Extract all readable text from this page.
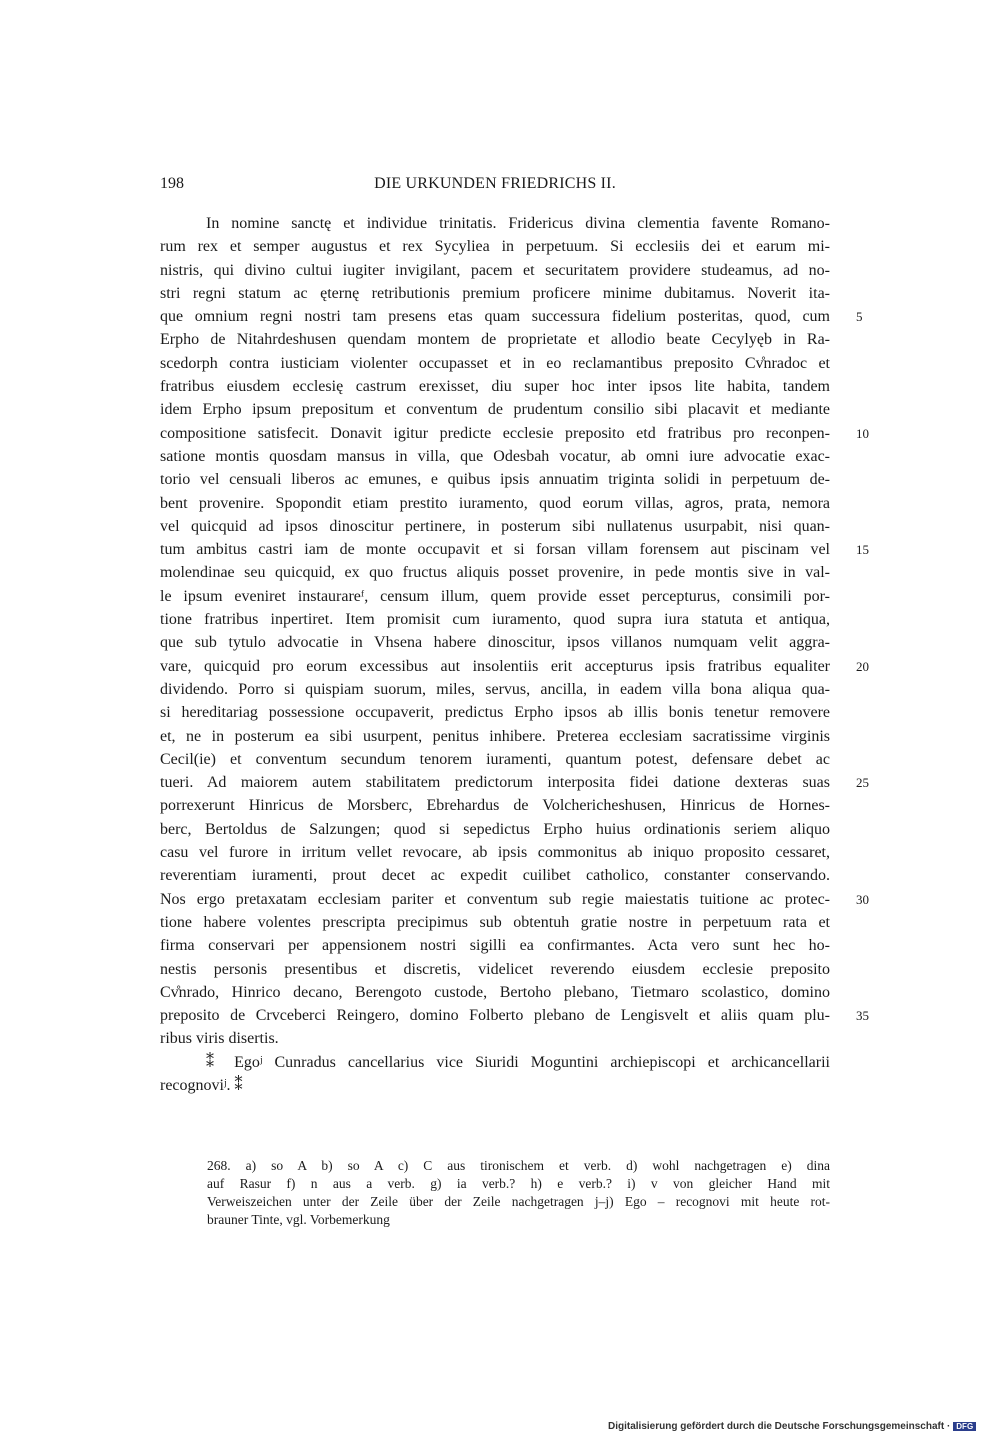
198	DIE URKUNDEN FRIEDRICHS II.
In nomine sanctę et individue trinitatis. Fridericus divina clementia favente Romano-
rum rex et semper augustus et rex Sycyliea in perpetuum. Si ecclesiis dei et earum mi-
nistris, qui divino cultui iugiter invigilant, pacem et securitatem providere studeamus, ad no-
stri regni statum ac ęternę retributionis premium proficere minime dubitamus. Noverit ita-
que omnium regni nostri tam presens etas quam successura fidelium posteritas, quod, cum 5
Erpho de Nitahrdeshusen quendam montem de proprietate et allodio beate Cecylyęb in Ra-
scedorph contra iusticiam violenter occupasset et in eo reclamantibus preposito Cv̊nradoc et
fratribus eiusdem ecclesię castrum erexisset, diu super hoc inter ipsos lite habita, tandem
idem Erpho ipsum prepositum et conventum de prudentum consilio sibi placavit et mediante
compositione satisfecit. Donavit igitur predicte ecclesie preposito etd fratribus pro reconpen- 10
satione montis quosdam mansus in villa, que Odesbah vocatur, ab omni iure advocatie exac-
torio vel censuali liberos ac emunes, e quibus ipsis annuatim triginta solidi in perpetuum de-
bent provenire. Spopondit etiam prestito iuramento, quod eorum villas, agros, prata, nemora
vel quicquid ad ipsos dinoscitur pertinere, in posterum sibi nullatenus usurpabit, nisi quan-
tum ambitus castri iam de monte occupavit et si forsan villam forensem aut piscinam vel 15
molendinae seu quicquid, ex quo fructus aliquis posset provenire, in pede montis sive in val-
le ipsum eveniret instaurareᶠ, censum illum, quem provide esset percepturus, consimili por-
tione fratribus inpertiret. Item promisit cum iuramento, quod supra iura statuta et antiqua,
que sub tytulo advocatie in Vhsena habere dinoscitur, ipsos villanos numquam velit aggra-
vare, quicquid pro eorum excessibus aut insolentiis erit accepturus ipsis fratribus equaliter 20
dividendo. Porro si quispiam suorum, miles, servus, ancilla, in eadem villa bona aliqua qua-
si hereditariag possessione occupaverit, predictus Erpho ipsos ab illis bonis tenetur removere
et, ne in posterum ea sibi usurpent, penitus inhibere. Preterea ecclesiam sacratissime virginis
Cecil(ie) et conventum secundum tenorem iuramenti, quantum potest, defensare debet ac
tueri. Ad maiorem autem stabilitatem predictorum interposita fidei datione dexteras suas 25
porrexerunt Hinricus de Morsberc, Ebrehardus de Volchericheshusen, Hinricus de Hornes-
berc, Bertoldus de Salzungen; quod si sepedictus Erpho huius ordinationis seriem aliquo
casu vel furore in irritum vellet revocare, ab ipsis commonitus ab iniquo proposito cessaret,
reverentiam iuramenti, prout decet ac expedit cuilibet catholico, constanter conservando.
Nos ergo pretaxatam ecclesiam pariter et conventum sub regie maiestatis tuitione ac protec- 30
tione habere volentes prescripta precipimus sub obtentuh gratie nostre in perpetuum rata et
firma conservari per appensionem nostri sigilli ea confirmantes. Acta vero sunt hec ho-
nestis personis presentibus et discretis, videlicet reverendo eiusdem ecclesie preposito
Cv̊nrado, Hinrico decano, Berengoto custode, Bertoho plebano, Tietmaro scolastico, domino
preposito de Crvceberci Reingero, domino Folberto plebano de Lengisvelt et aliis quam plu- 35
ribus viris disertis.
⁑ Egoʲ Cunradus cancellarius vice Siuridi Moguntini archiepiscopi et archicancellarii
recognoviʲ. ⁑
268. a) so A b) so A c) C aus tironischem et verb. d) wohl nachgetragen e) dina
auf Rasur f) n aus a verb. g) ia verb.? h) e verb.? i) v von gleicher Hand mit
Verweiszeichen unter der Zeile über der Zeile nachgetragen j–j) Ego – recognovi mit heute rot-
brauner Tinte, vgl. Vorbemerkung
Digitalisierung gefördert durch die Deutsche Forschungsgemeinschaft · DFG
